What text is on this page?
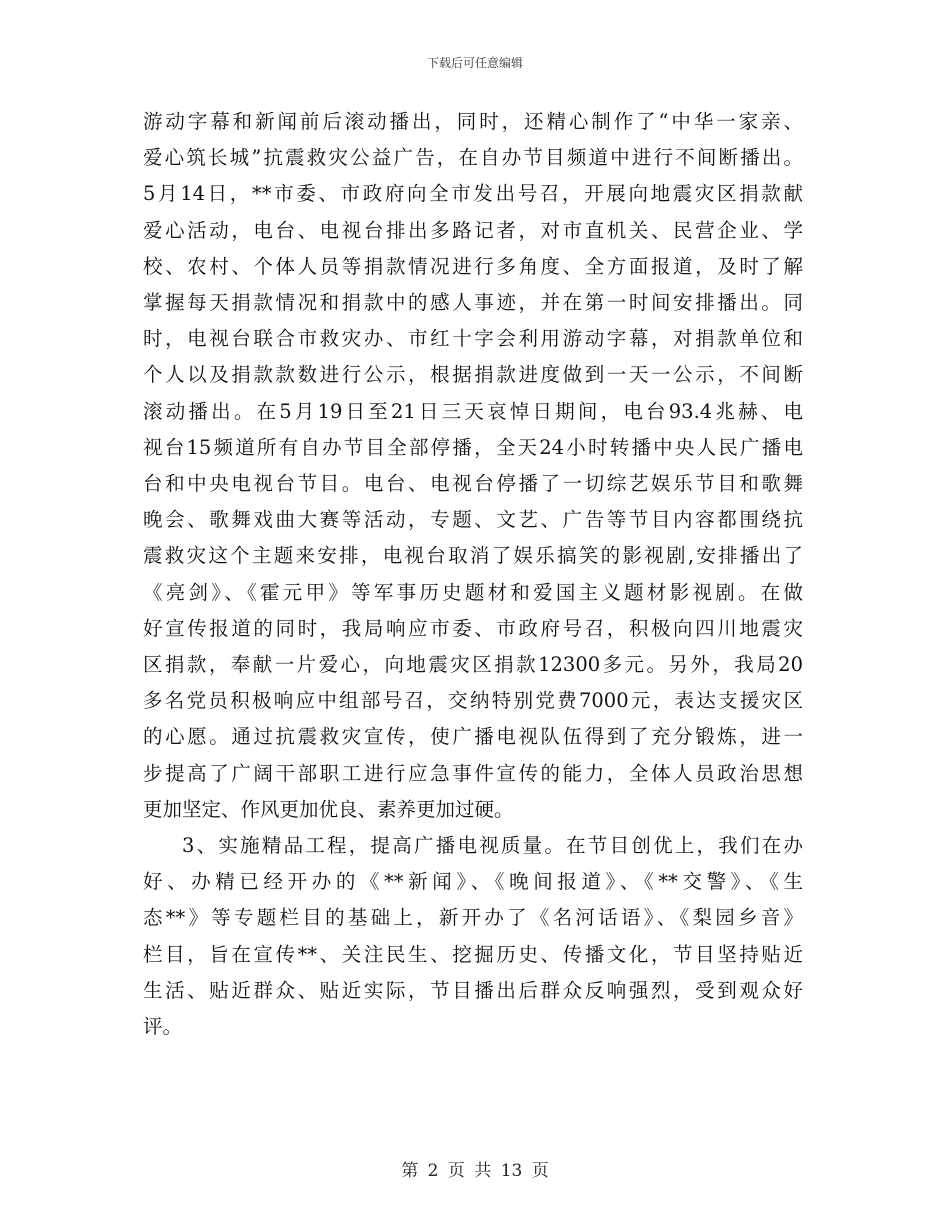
下载后可任意编辑

游动字幕和新闻前后滚动播出，同时，还精心制作了“中华一家亲、
爱心筑长城”抗震救灾公益广告，在自办节目频道中进行不间断播出。
5月14日，**市委、市政府向全市发出号召，开展向地震灾区捐款献
爱心活动，电台、电视台排出多路记者，对市直机关、民营企业、学
校、农村、个体人员等捐款情况进行多角度、全方面报道，及时了解
掌握每天捐款情况和捐款中的感人事迹，并在第一时间安排播出。同
时，电视台联合市救灾办、市红十字会利用游动字幕，对捐款单位和
个人以及捐款款数进行公示，根据捐款进度做到一天一公示，不间断
滚动播出。在5月19日至21日三天哀悼日期间，电台93.4兆赫、电
视台15频道所有自办节目全部停播，全天24小时转播中央人民广播电
台和中央电视台节目。电台、电视台停播了一切综艺娱乐节目和歌舞
晚会、歌舞戏曲大赛等活动，专题、文艺、广告等节目内容都围绕抗
震救灾这个主题来安排，电视台取消了娱乐搞笑的影视剧,安排播出了
《亮剑》、《霍元甲》等军事历史题材和爱国主义题材影视剧。在做
好宣传报道的同时，我局响应市委、市政府号召，积极向四川地震灾
区捐款，奉献一片爱心，向地震灾区捐款12300多元。另外，我局20
多名党员积极响应中组部号召，交纳特别党费7000元，表达支援灾区
的心愿。通过抗震救灾宣传，使广播电视队伍得到了充分锻炼，进一
步提高了广阔干部职工进行应急事件宣传的能力，全体人员政治思想
更加坚定、作风更加优良、素养更加过硬。

3、实施精品工程，提高广播电视质量。在节目创优上，我们在办
好、办精已经开办的《**新闻》、《晚间报道》、《**交警》、《生
态**》等专题栏目的基础上，新开办了《名河话语》、《梨园乡音》
栏目，旨在宣传**、关注民生、挖掘历史、传播文化，节目坚持贴近
生活、贴近群众、贴近实际，节目播出后群众反响强烈，受到观众好
评。

第 2 页 共 13 页
